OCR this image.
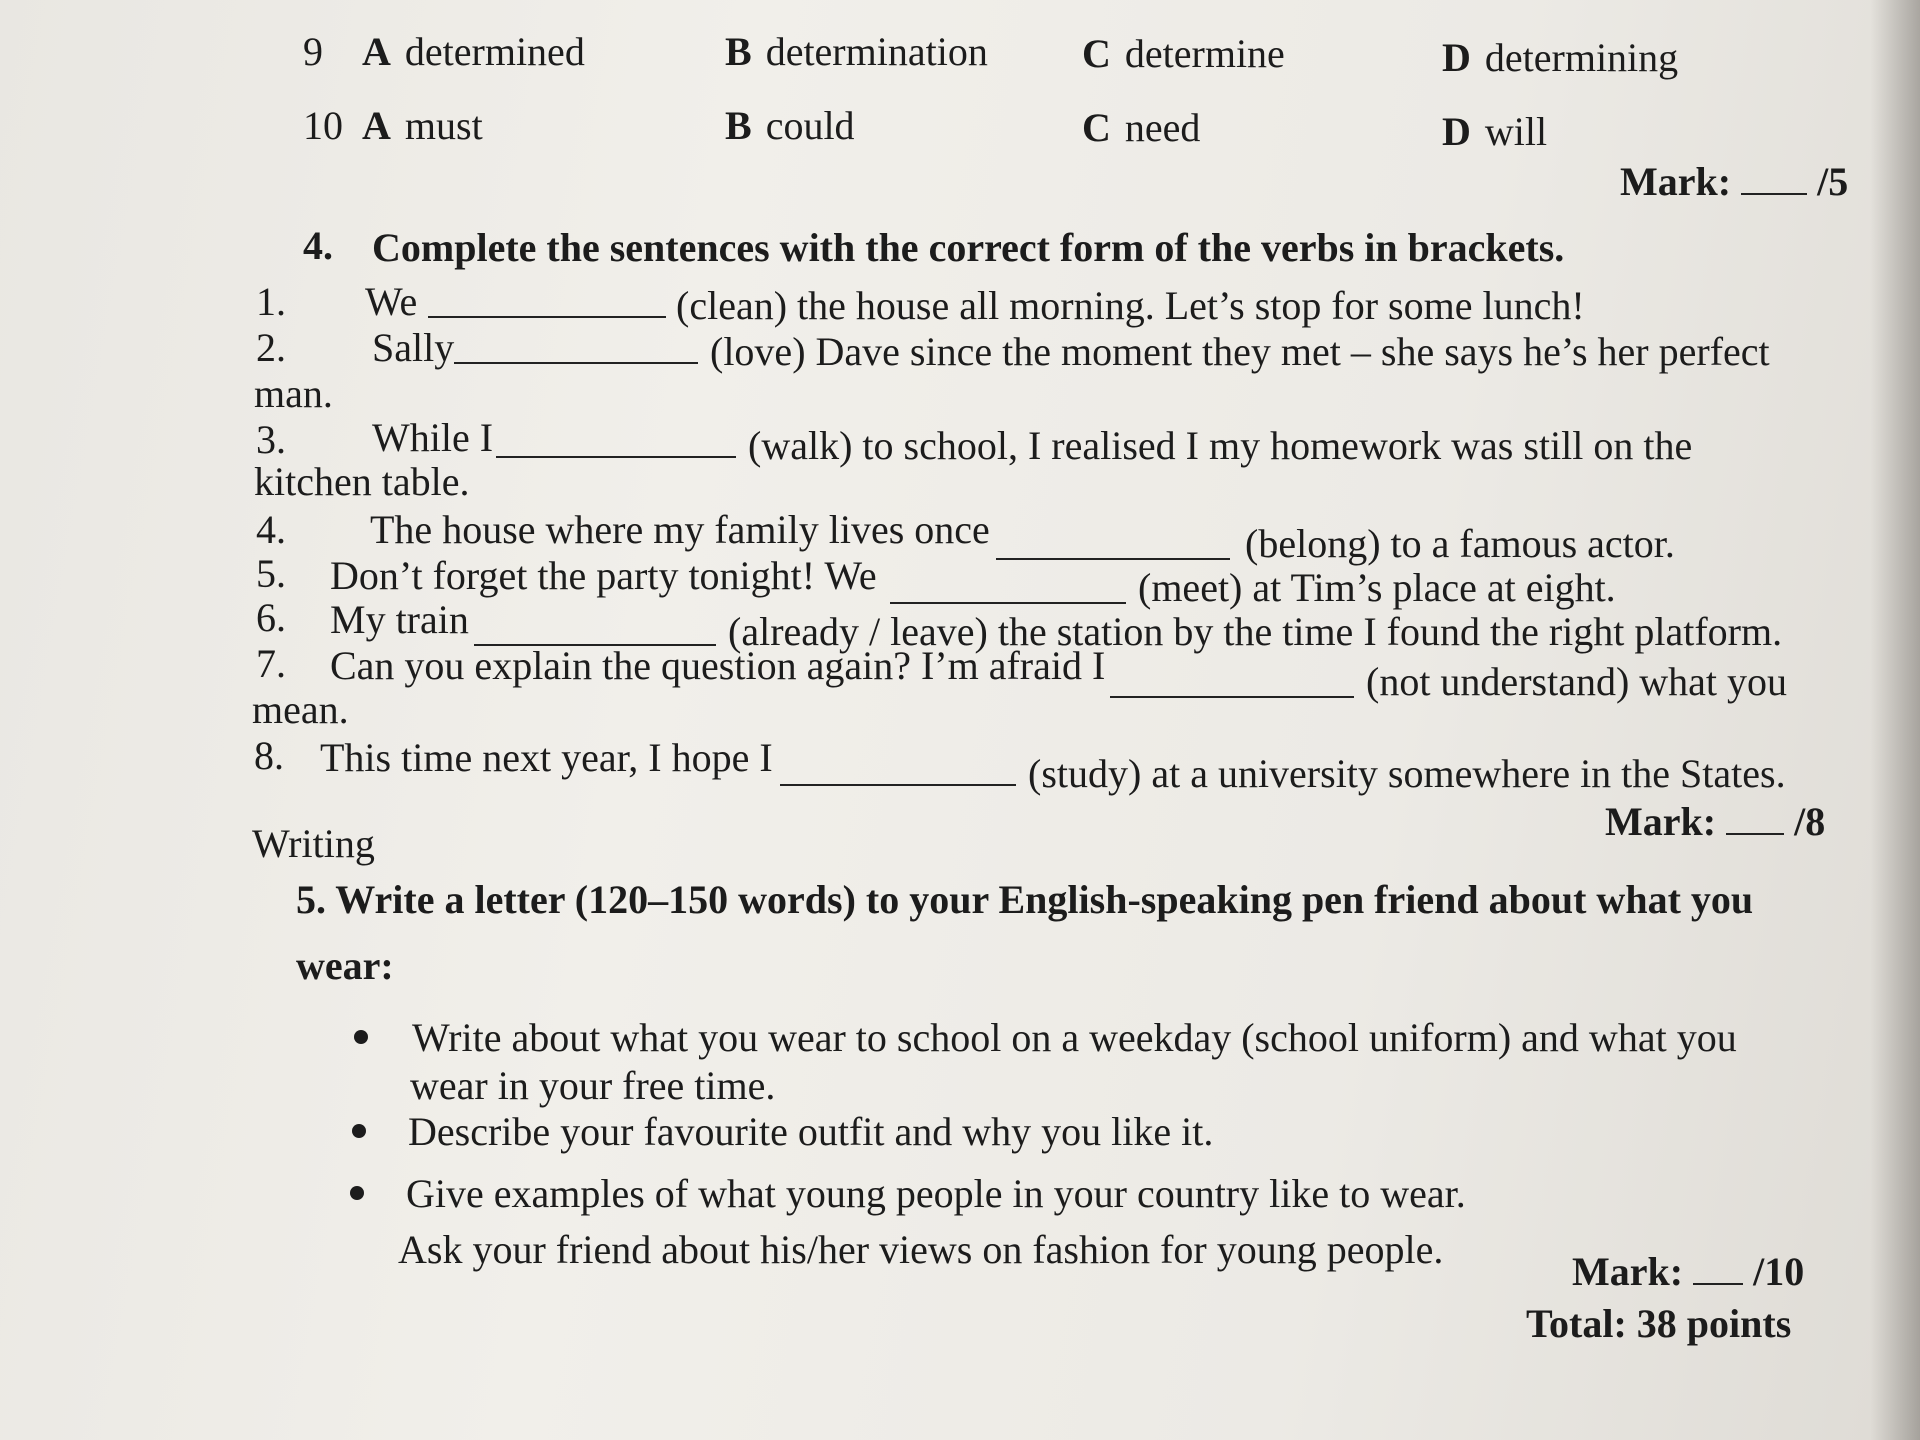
9 A determined	B determination C determine	D determining
10 A must	B could	C need	D will
Mark: /5
4. Complete the sentences with the correct form of the verbs in brackets.
1. We	(clean) the house all morning. Let’s stop for some lunch!
2. Sally	(love) Dave since the moment they met – she says he’s her perfect
man.
3. While I	(walk) to school, I realised I my homework was still on the
kitchen table.
4. The house where my family lives once	(belong) to a famous actor.
5. Don’t forget the party tonight! We	(meet) at Tim’s place at eight.
6. My train	(already / leave) the station by the time I found the right platform.
7. Can you explain the question again? I’m afraid I	(not understand) what you
mean.
8. This time next year, I hope I	(study) at a university somewhere in the States.
Mark: /8
Writing
5. Write a letter (120–150 words) to your English-speaking pen friend about what you
wear:
Write about what you wear to school on a weekday (school uniform) and what you
wear in your free time.
Describe your favourite outfit and why you like it.
Give examples of what young people in your country like to wear.
Ask your friend about his/her views on fashion for young people.	Mark: /10
Total: 38 points
